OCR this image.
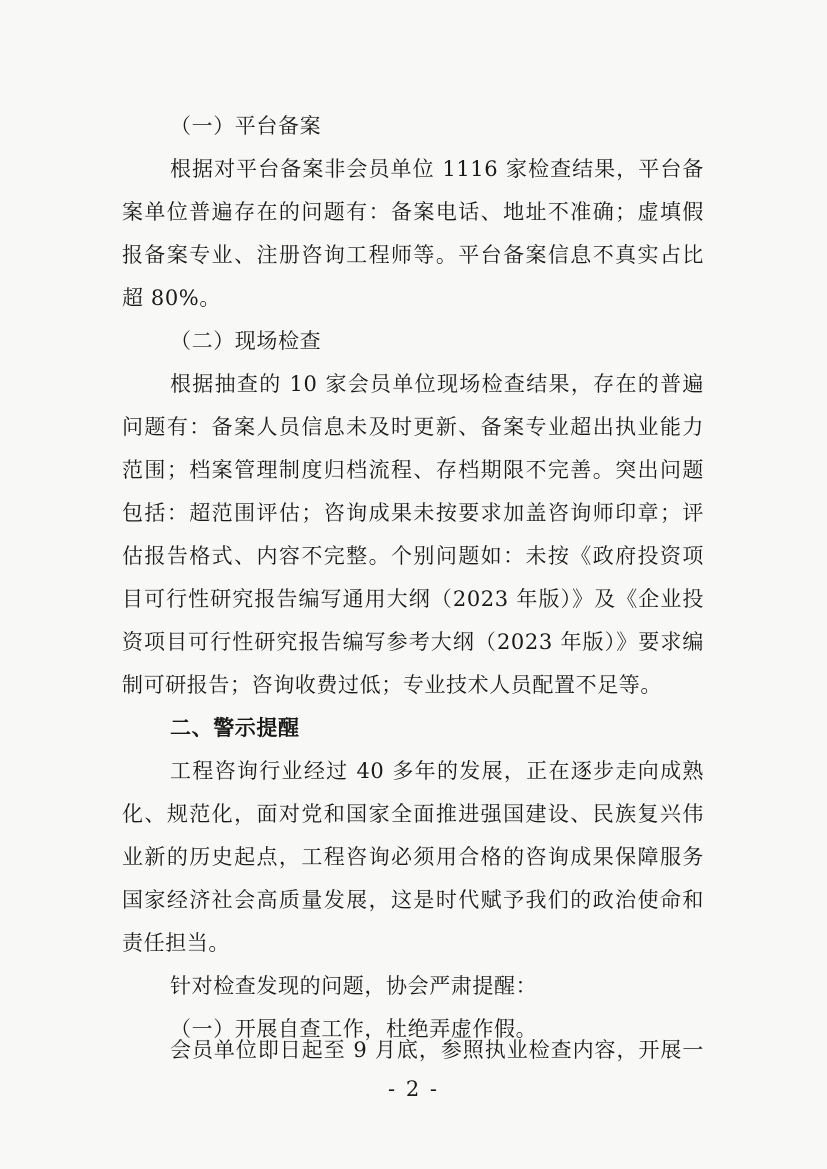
（一）平台备案
根据对平台备案非会员单位 1116 家检查结果，平台备
案单位普遍存在的问题有：备案电话、地址不准确；虚填假
报备案专业、注册咨询工程师等。平台备案信息不真实占比
超 80%。
（二）现场检查
根据抽查的 10 家会员单位现场检查结果，存在的普遍
问题有：备案人员信息未及时更新、备案专业超出执业能力
范围；档案管理制度归档流程、存档期限不完善。突出问题
包括：超范围评估；咨询成果未按要求加盖咨询师印章；评
估报告格式、内容不完整。个别问题如：未按《政府投资项
目可行性研究报告编写通用大纲（2023 年版）》及《企业投
资项目可行性研究报告编写参考大纲（2023 年版）》要求编
制可研报告；咨询收费过低；专业技术人员配置不足等。
二、警示提醒
工程咨询行业经过 40 多年的发展，正在逐步走向成熟
化、规范化，面对党和国家全面推进强国建设、民族复兴伟
业新的历史起点，工程咨询必须用合格的咨询成果保障服务
国家经济社会高质量发展，这是时代赋予我们的政治使命和
责任担当。
针对检查发现的问题，协会严肃提醒：
（一）开展自查工作，杜绝弄虚作假。
会员单位即日起至 9 月底，参照执业检查内容，开展一
- 2 -
